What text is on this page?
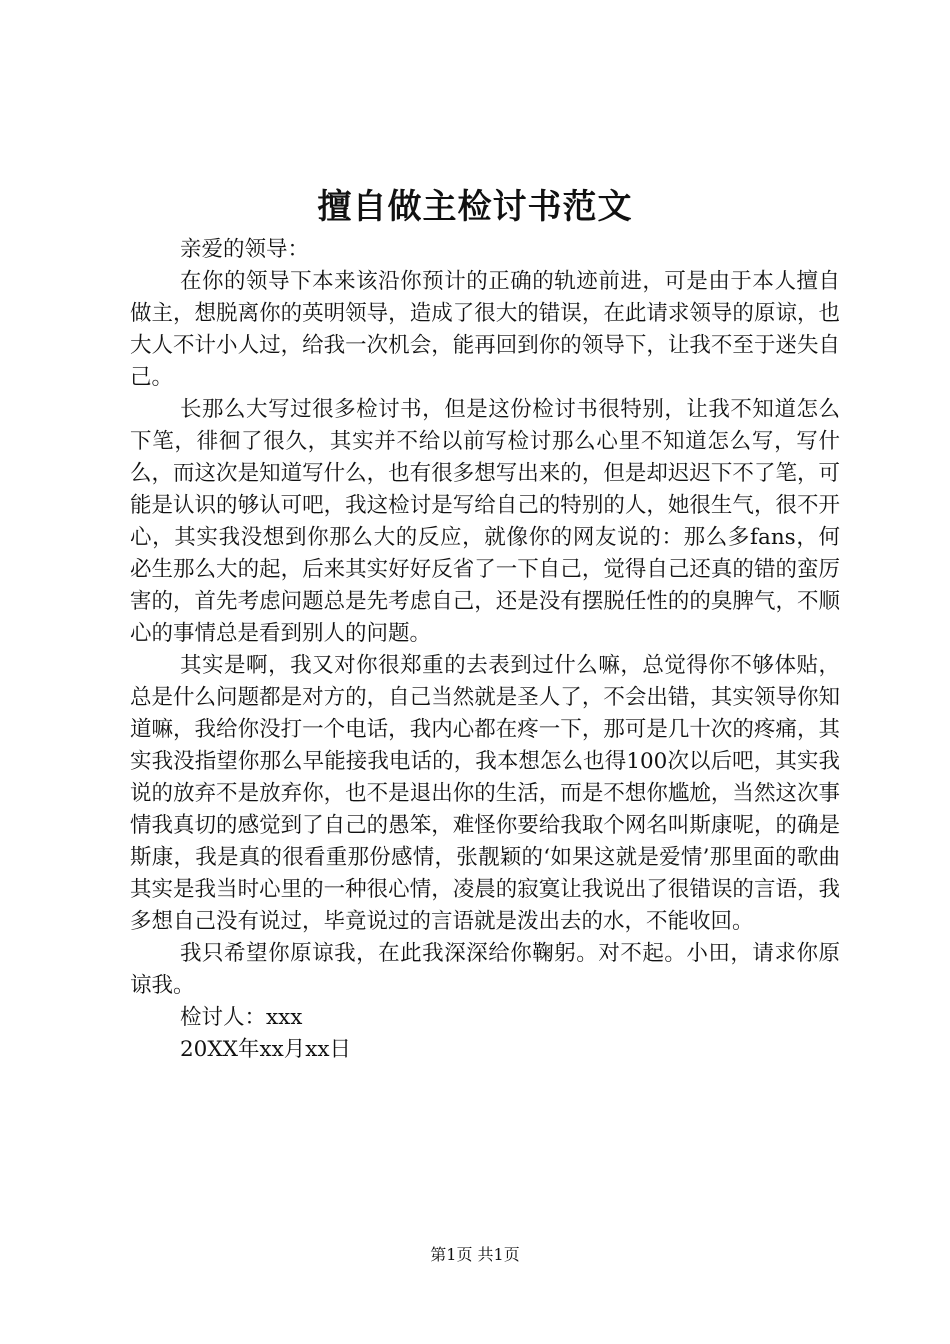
擅自做主检讨书范文

亲爱的领导：

在你的领导下本来该沿你预计的正确的轨迹前进，可是由于本人擅自做主，想脱离你的英明领导，造成了很大的错误，在此请求领导的原谅，也大人不计小人过，给我一次机会，能再回到你的领导下，让我不至于迷失自己。

长那么大写过很多检讨书，但是这份检讨书很特别，让我不知道怎么下笔，徘徊了很久，其实并不给以前写检讨那么心里不知道怎么写，写什么，而这次是知道写什么，也有很多想写出来的，但是却迟迟下不了笔，可能是认识的够认可吧，我这检讨是写给自己的特别的人，她很生气，很不开心，其实我没想到你那么大的反应，就像你的网友说的：那么多fans，何必生那么大的起，后来其实好好反省了一下自己，觉得自己还真的错的蛮厉害的，首先考虑问题总是先考虑自己，还是没有摆脱任性的的臭脾气，不顺心的事情总是看到别人的问题。

其实是啊，我又对你很郑重的去表到过什么嘛，总觉得你不够体贴，总是什么问题都是对方的，自己当然就是圣人了，不会出错，其实领导你知道嘛，我给你没打一个电话，我内心都在疼一下，那可是几十次的疼痛，其实我没指望你那么早能接我电话的，我本想怎么也得100次以后吧，其实我说的放弃不是放弃你，也不是退出你的生活，而是不想你尴尬，当然这次事情我真切的感觉到了自己的愚笨，难怪你要给我取个网名叫斯康呢，的确是斯康，我是真的很看重那份感情，张靓颖的‘如果这就是爱情’那里面的歌曲其实是我当时心里的一种很心情，凌晨的寂寞让我说出了很错误的言语，我多想自己没有说过，毕竟说过的言语就是泼出去的水，不能收回。

我只希望你原谅我，在此我深深给你鞠躬。对不起。小田，请求你原谅我。

检讨人：xxx

20XX年xx月xx日

第1页 共1页
